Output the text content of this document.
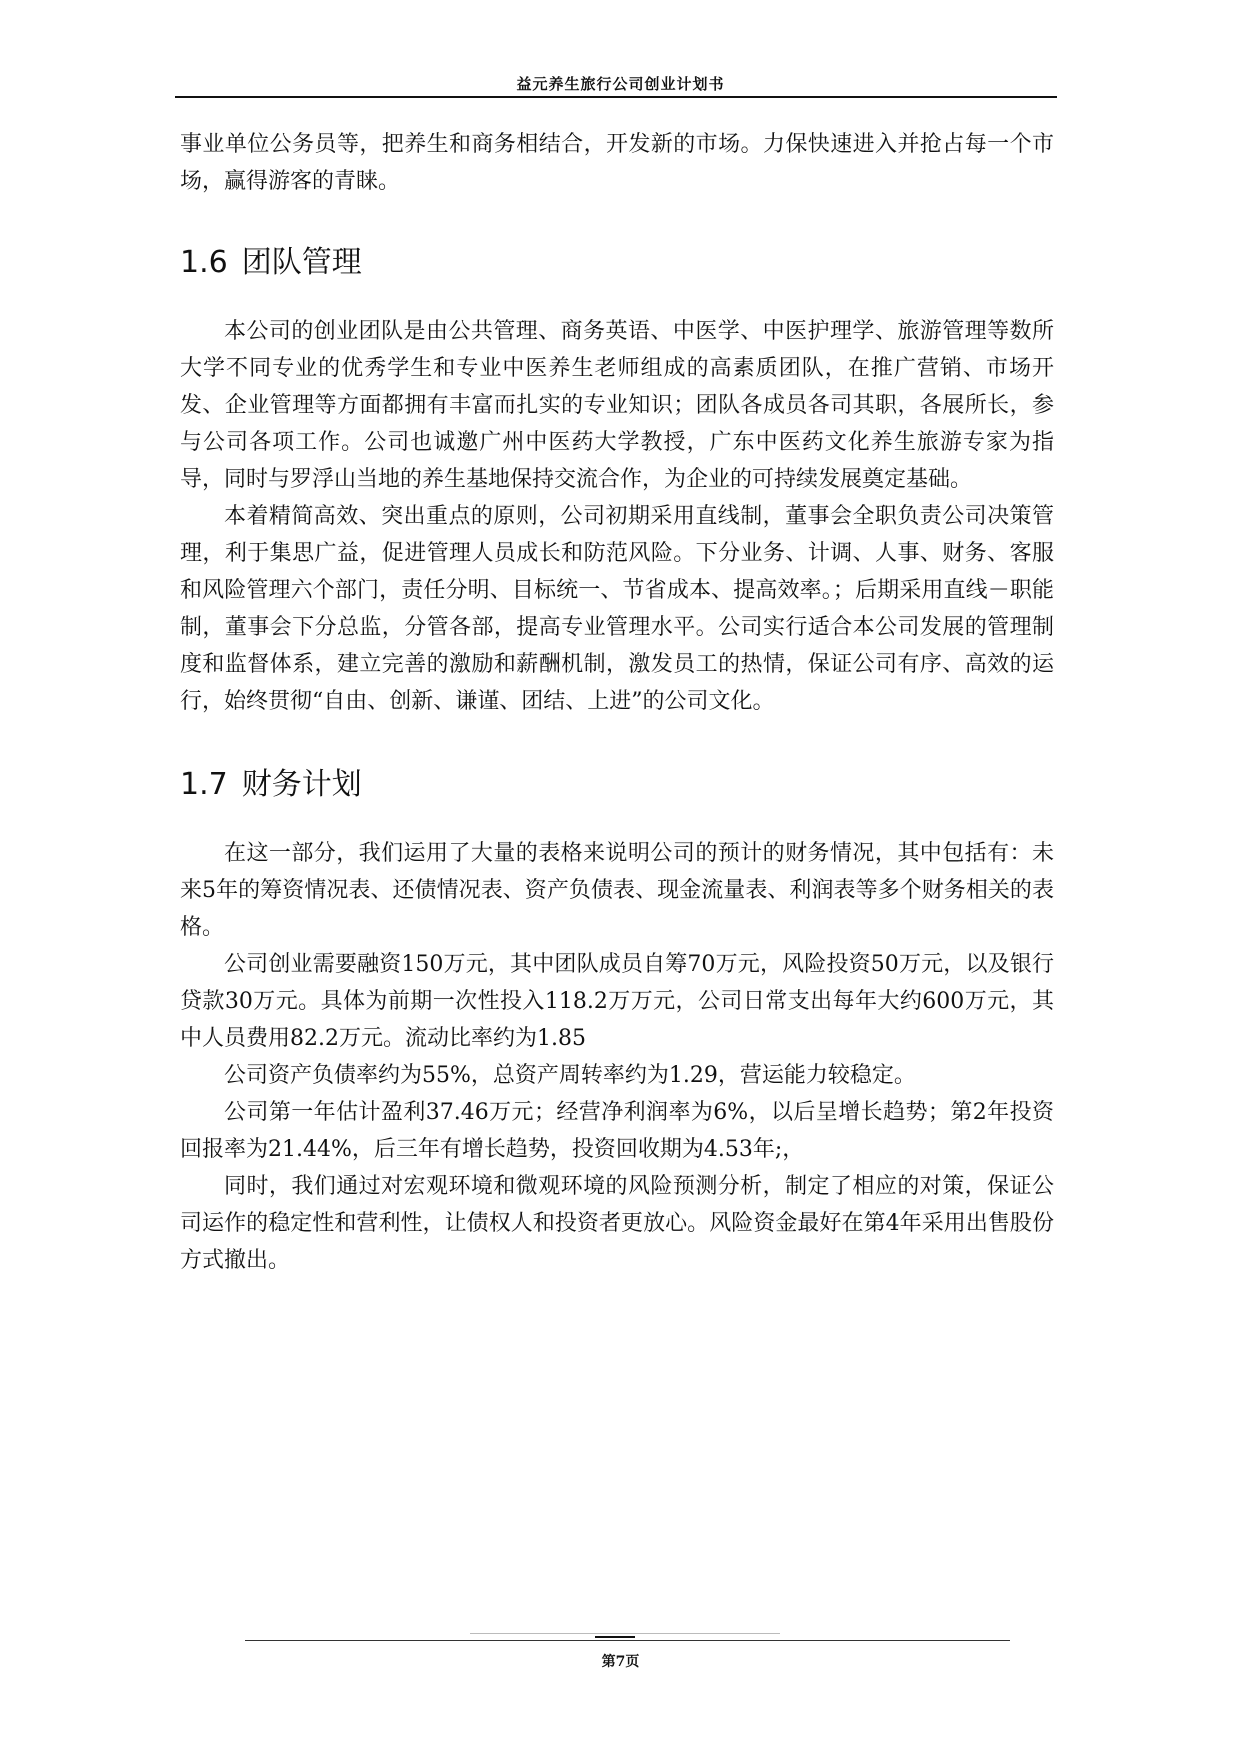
益元养生旅行公司创业计划书

事业单位公务员等，把养生和商务相结合，开发新的市场。力保快速进入并抢占每一个市场，赢得游客的青睐。

1.6 团队管理

本公司的创业团队是由公共管理、商务英语、中医学、中医护理学、旅游管理等数所大学不同专业的优秀学生和专业中医养生老师组成的高素质团队，在推广营销、市场开发、企业管理等方面都拥有丰富而扎实的专业知识；团队各成员各司其职，各展所长，参与公司各项工作。公司也诚邀广州中医药大学教授，广东中医药文化养生旅游专家为指导，同时与罗浮山当地的养生基地保持交流合作，为企业的可持续发展奠定基础。

本着精简高效、突出重点的原则，公司初期采用直线制，董事会全职负责公司决策管理，利于集思广益，促进管理人员成长和防范风险。下分业务、计调、人事、财务、客服和风险管理六个部门，责任分明、目标统一、节省成本、提高效率。；后期采用直线－职能制，董事会下分总监，分管各部，提高专业管理水平。公司实行适合本公司发展的管理制度和监督体系，建立完善的激励和薪酬机制，激发员工的热情，保证公司有序、高效的运行，始终贯彻“自由、创新、谦谨、团结、上进”的公司文化。

1.7 财务计划

在这一部分，我们运用了大量的表格来说明公司的预计的财务情况，其中包括有：未来5年的筹资情况表、还债情况表、资产负债表、现金流量表、利润表等多个财务相关的表格。

公司创业需要融资150万元，其中团队成员自筹70万元，风险投资50万元，以及银行贷款30万元。具体为前期一次性投入118.2万万元，公司日常支出每年大约600万元，其中人员费用82.2万元。流动比率约为1.85

公司资产负债率约为55%，总资产周转率约为1.29，营运能力较稳定。

公司第一年估计盈利37.46万元；经营净利润率为6%，以后呈增长趋势；第2年投资回报率为21.44%，后三年有增长趋势，投资回收期为4.53年;，

同时，我们通过对宏观环境和微观环境的风险预测分析，制定了相应的对策，保证公司运作的稳定性和营利性，让债权人和投资者更放心。风险资金最好在第4年采用出售股份方式撤出。

第7页
